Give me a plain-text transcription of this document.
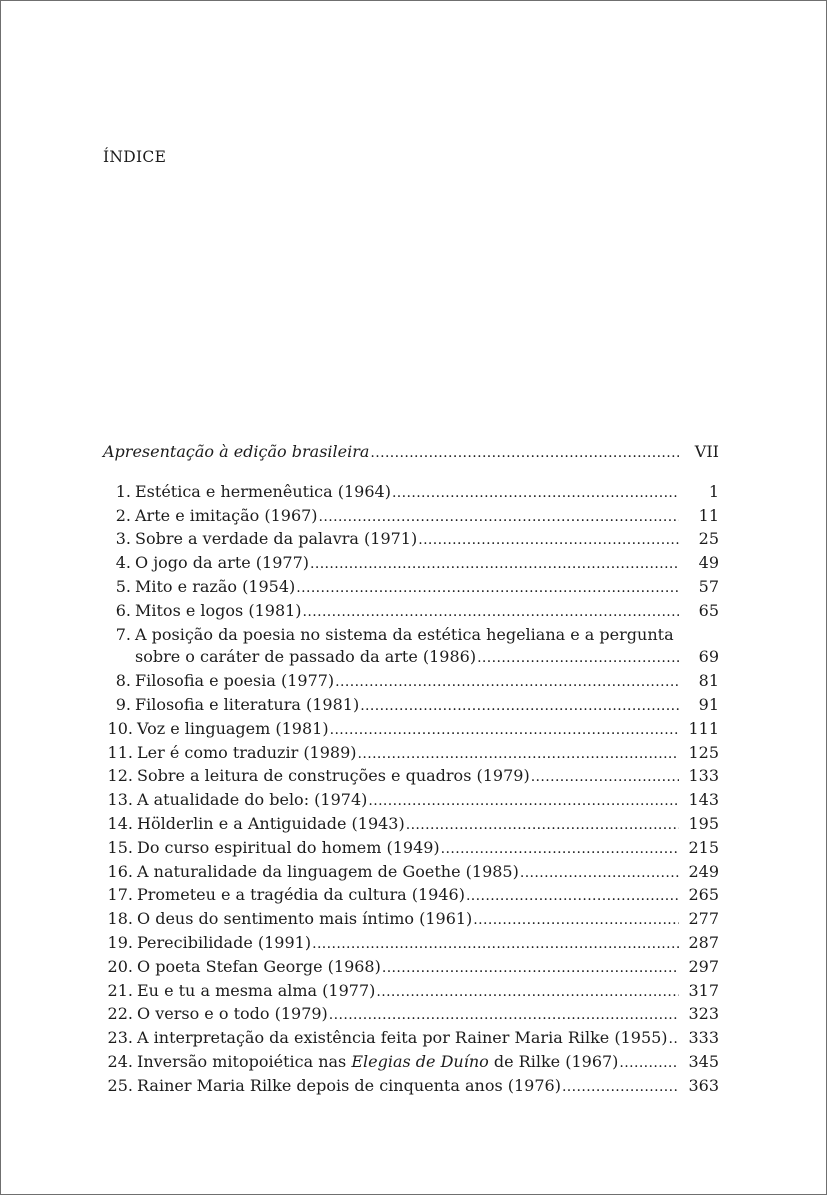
ÍNDICE
Apresentação à edição brasileira .....	VII
1. Estética e hermenêutica (1964) .....	1
2. Arte e imitação (1967) .....	11
3. Sobre a verdade da palavra (1971) .....	25
4. O jogo da arte (1977) .....	49
5. Mito e razão (1954) .....	57
6. Mitos e logos (1981) .....	65
7. A posição da poesia no sistema da estética hegeliana e a pergunta
sobre o caráter de passado da arte (1986) .....	69
8. Filosofia e poesia (1977) .....	81
9. Filosofia e literatura (1981) .....	91
10. Voz e linguagem (1981) .....	111
11. Ler é como traduzir (1989) .....	125
12. Sobre a leitura de construções e quadros (1979) .....	133
13. A atualidade do belo: (1974) .....	143
14. Hölderlin e a Antiguidade (1943) .....	195
15. Do curso espiritual do homem (1949) .....	215
16. A naturalidade da linguagem de Goethe (1985) .....	249
17. Prometeu e a tragédia da cultura (1946) .....	265
18. O deus do sentimento mais íntimo (1961) .....	277
19. Perecibilidade (1991) .....	287
20. O poeta Stefan George (1968) .....	297
21. Eu e tu a mesma alma (1977) .....	317
22. O verso e o todo (1979) .....	323
23. A interpretação da existência feita por Rainer Maria Rilke (1955) .....	333
24. Inversão mitopoiética nas Elegias de Duíno de Rilke (1967) .....	345
25. Rainer Maria Rilke depois de cinquenta anos (1976) .....	363
